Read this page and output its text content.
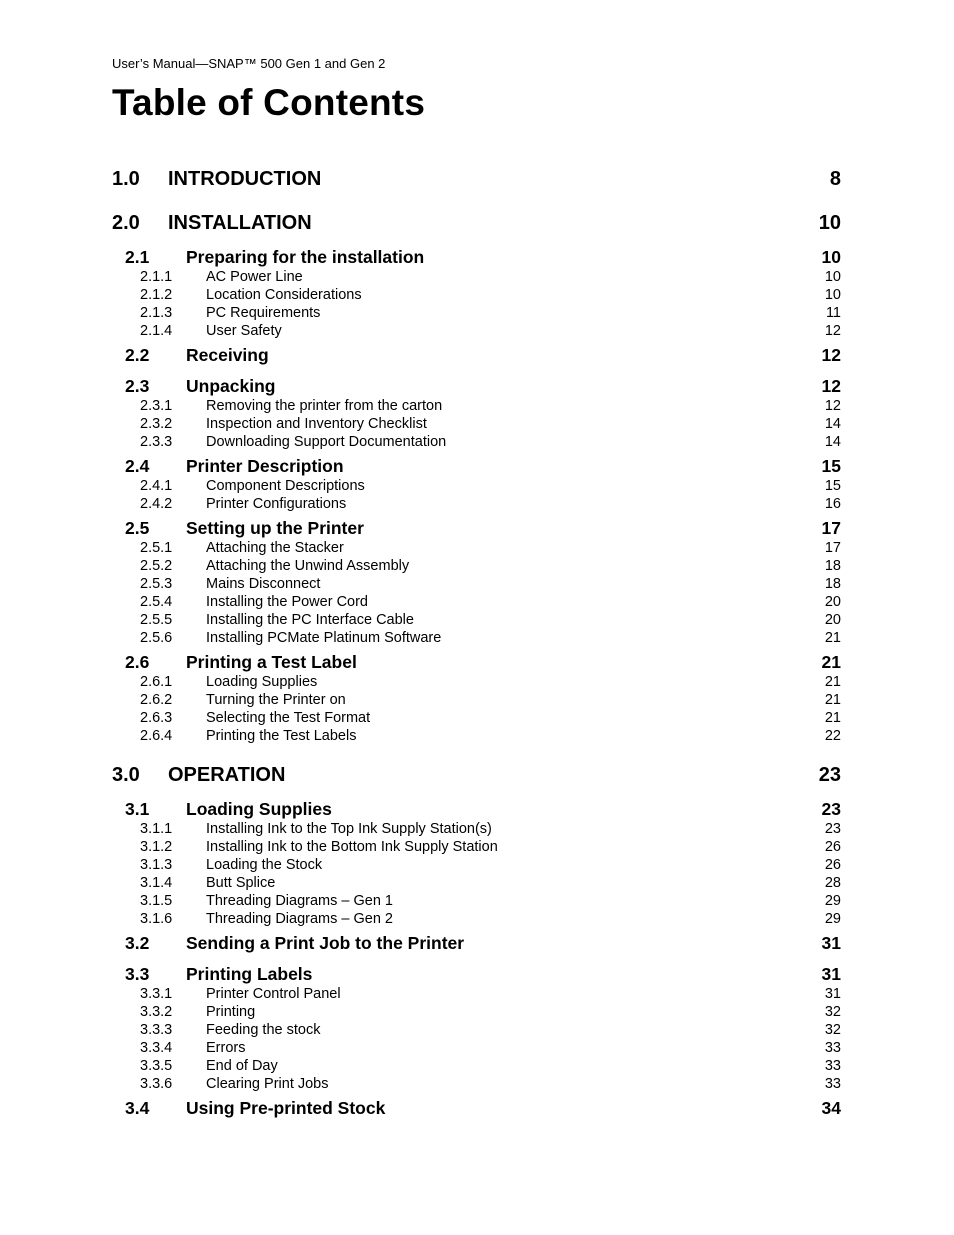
User’s Manual—SNAP™ 500 Gen 1 and Gen 2
Table of Contents
1.0	INTRODUCTION	8
2.0	INSTALLATION	10
2.1	Preparing for the installation	10
2.1.1	AC Power Line	10
2.1.2	Location Considerations	10
2.1.3	PC Requirements	11
2.1.4	User Safety	12
2.2	Receiving	12
2.3	Unpacking	12
2.3.1	Removing the printer from the carton	12
2.3.2	Inspection and Inventory Checklist	14
2.3.3	Downloading Support Documentation	14
2.4	Printer Description	15
2.4.1	Component Descriptions	15
2.4.2	Printer Configurations	16
2.5	Setting up the Printer	17
2.5.1	Attaching the Stacker	17
2.5.2	Attaching the Unwind Assembly	18
2.5.3	Mains Disconnect	18
2.5.4	Installing the Power Cord	20
2.5.5	Installing the PC Interface Cable	20
2.5.6	Installing PCMate Platinum Software	21
2.6	Printing a Test Label	21
2.6.1	Loading Supplies	21
2.6.2	Turning the Printer on	21
2.6.3	Selecting the Test Format	21
2.6.4	Printing the Test Labels	22
3.0	OPERATION	23
3.1	Loading Supplies	23
3.1.1	Installing Ink to the Top Ink Supply Station(s)	23
3.1.2	Installing Ink to the Bottom Ink Supply Station	26
3.1.3	Loading the Stock	26
3.1.4	Butt Splice	28
3.1.5	Threading Diagrams – Gen 1	29
3.1.6	Threading Diagrams – Gen 2	29
3.2	Sending a Print Job to the Printer	31
3.3	Printing Labels	31
3.3.1	Printer Control Panel	31
3.3.2	Printing	32
3.3.3	Feeding the stock	32
3.3.4	Errors	33
3.3.5	End of Day	33
3.3.6	Clearing Print Jobs	33
3.4	Using Pre-printed Stock	34
